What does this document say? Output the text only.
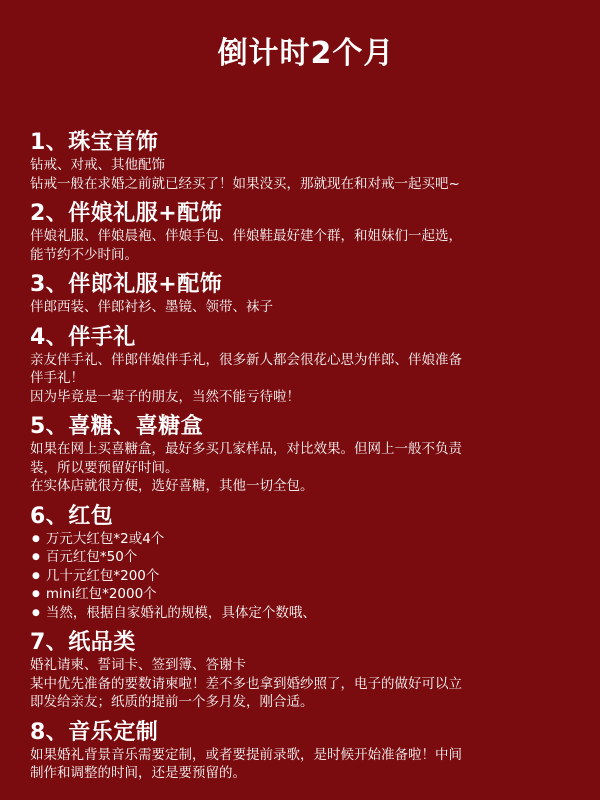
倒计时2个月
1、珠宝首饰
钻戒、对戒、其他配饰
钻戒一般在求婚之前就已经买了！如果没买，那就现在和对戒一起买吧~
2、伴娘礼服+配饰
伴娘礼服、伴娘晨袍、伴娘手包、伴娘鞋最好建个群，和姐妹们一起选，
能节约不少时间。
3、伴郎礼服+配饰
伴郎西装、伴郎衬衫、墨镜、领带、袜子
4、伴手礼
亲友伴手礼、伴郎伴娘伴手礼，很多新人都会很花心思为伴郎、伴娘准备
伴手礼！
因为毕竟是一辈子的朋友，当然不能亏待啦！
5、喜糖、喜糖盒
如果在网上买喜糖盒，最好多买几家样品，对比效果。但网上一般不负责
装，所以要预留好时间。
在实体店就很方便，选好喜糖，其他一切全包。
6、红包
● 万元大红包*2或4个
● 百元红包*50个
● 几十元红包*200个
● mini红包*2000个
● 当然，根据自家婚礼的规模，具体定个数哦、
7、纸品类
婚礼请柬、誓词卡、签到簿、答谢卡
某中优先准备的要数请柬啦！差不多也拿到婚纱照了，电子的做好可以立
即发给亲友；纸质的提前一个多月发，刚合适。
8、音乐定制
如果婚礼背景音乐需要定制，或者要提前录歌，是时候开始准备啦！中间
制作和调整的时间，还是要预留的。
